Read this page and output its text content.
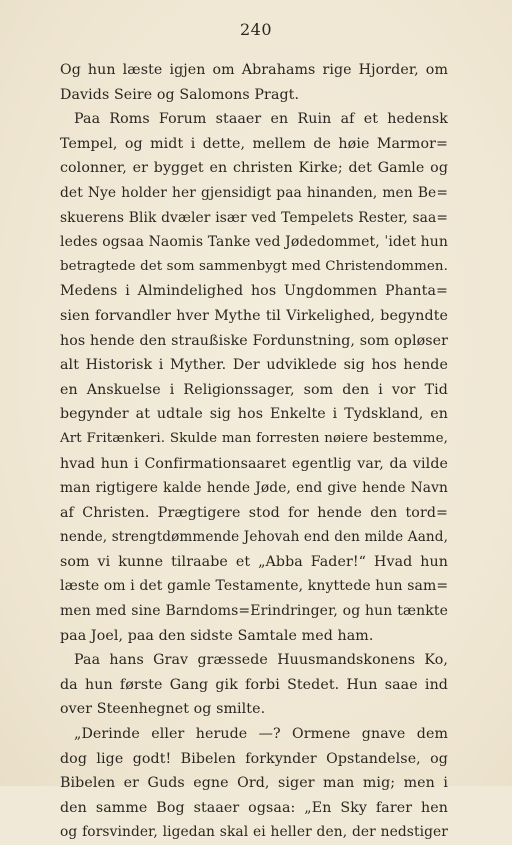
240
Og hun læste igjen om Abrahams rige Hjorder, om
Davids Seire og Salomons Pragt.
Paa Roms Forum staaer en Ruin af et hedensk
Tempel, og midt i dette, mellem de høie Marmor=
colonner, er bygget en christen Kirke; det Gamle og
det Nye holder her gjensidigt paa hinanden, men Be=
skuerens Blik dvæler især ved Tempelets Rester, saa=
ledes ogsaa Naomis Tanke ved Jødedommet, ˈidet hun
betragtede det som sammenbygt med Christendommen.
Medens i Almindelighed hos Ungdommen Phanta=
sien forvandler hver Mythe til Virkelighed, begyndte
hos hende den straußiske Fordunstning, som opløser
alt Historisk i Myther. Der udviklede sig hos hende
en Anskuelse i Religionssager, som den i vor Tid
begynder at udtale sig hos Enkelte i Tydskland, en
Art Fritænkeri. Skulde man forresten nøiere bestemme,
hvad hun i Confirmationsaaret egentlig var, da vilde
man rigtigere kalde hende Jøde, end give hende Navn
af Christen. Prægtigere stod for hende den tord=
nende, strengtdømmende Jehovah end den milde Aand,
som vi kunne tilraabe et „Abba Fader!“ Hvad hun
læste om i det gamle Testamente, knyttede hun sam=
men med sine Barndoms=Erindringer, og hun tænkte
paa Joel, paa den sidste Samtale med ham.
Paa hans Grav græssede Huusmandskonens Ko,
da hun første Gang gik forbi Stedet. Hun saae ind
over Steenhegnet og smilte.
„Derinde eller herude —? Ormene gnave dem
dog lige godt! Bibelen forkynder Opstandelse, og
Bibelen er Guds egne Ord, siger man mig; men i
den samme Bog staaer ogsaa: „En Sky farer hen
og forsvinder, ligedan skal ei heller den, der nedstiger
